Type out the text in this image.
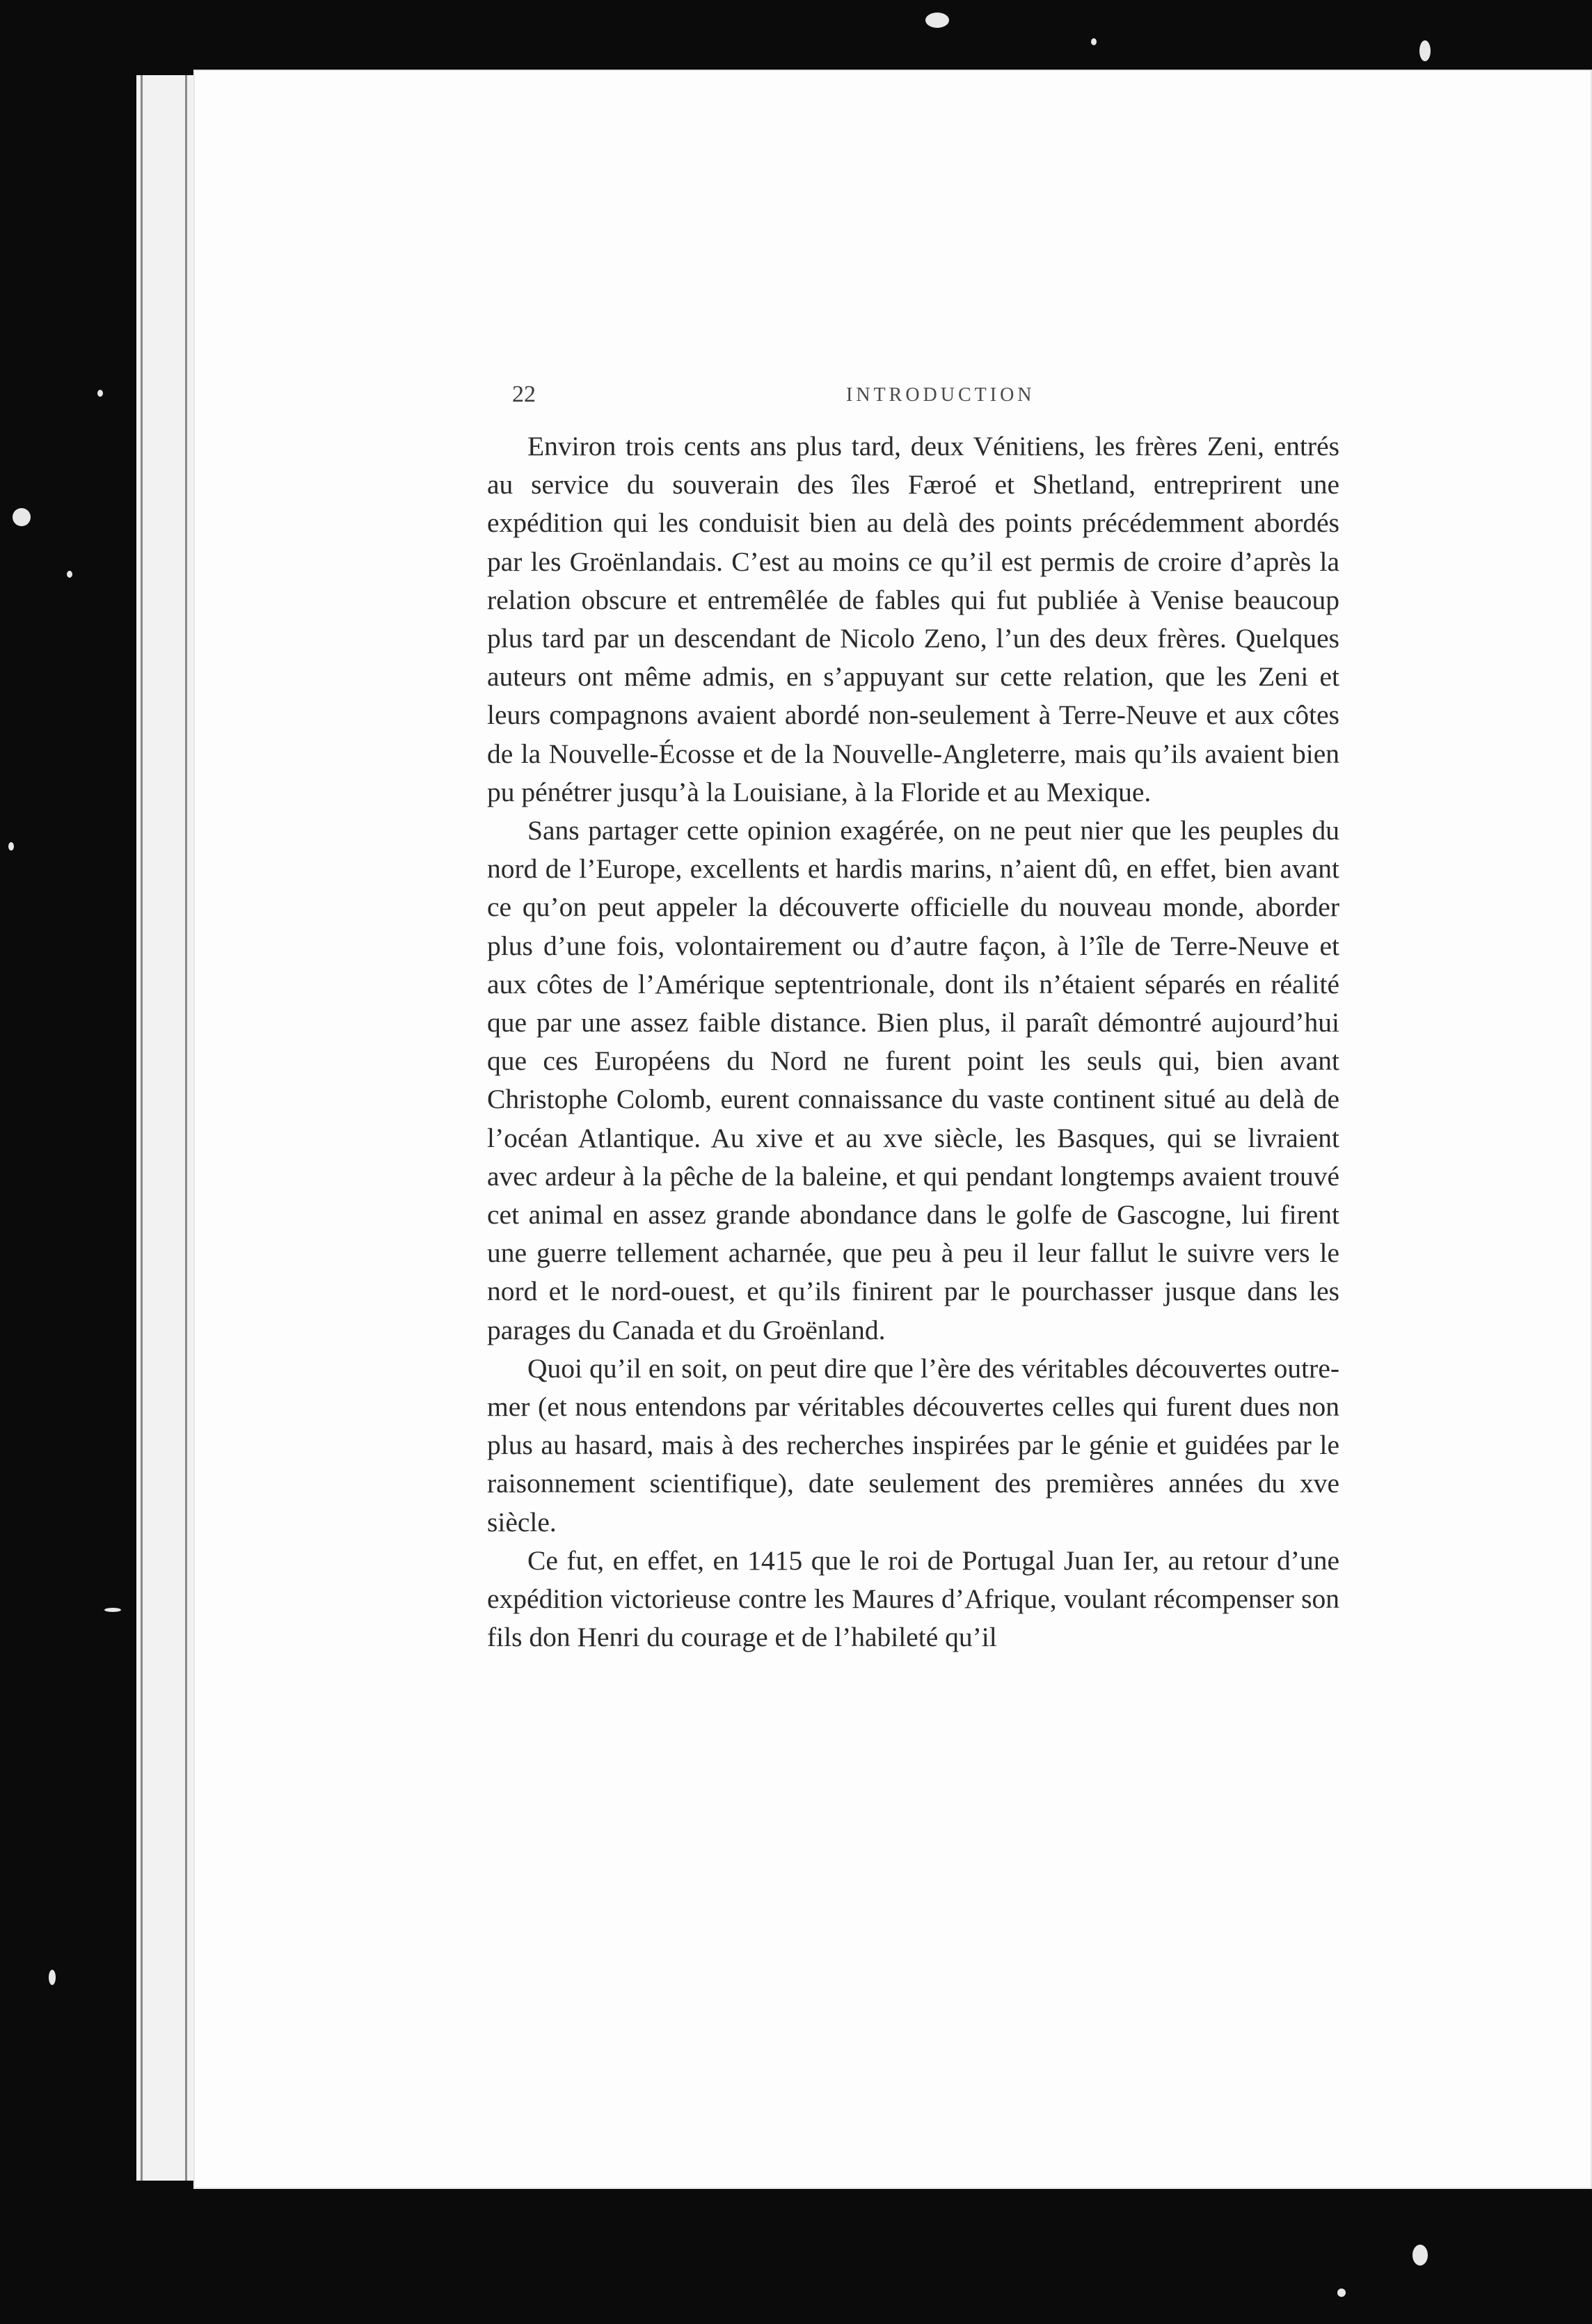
22	INTRODUCTION

Environ trois cents ans plus tard, deux Vénitiens, les frères Zeni, entrés au service du souverain des îles Færoé et Shetland, entreprirent une expédition qui les conduisit bien au delà des points précédemment abordés par les Groënlandais. C’est au moins ce qu’il est permis de croire d’après la relation obscure et entremêlée de fables qui fut publiée à Venise beaucoup plus tard par un descendant de Nicolo Zeno, l’un des deux frères. Quelques auteurs ont même admis, en s’appuyant sur cette relation, que les Zeni et leurs compagnons avaient abordé non-seulement à Terre-Neuve et aux côtes de la Nouvelle-Écosse et de la Nouvelle-Angleterre, mais qu’ils avaient bien pu pénétrer jusqu’à la Louisiane, à la Floride et au Mexique.

Sans partager cette opinion exagérée, on ne peut nier que les peuples du nord de l’Europe, excellents et hardis marins, n’aient dû, en effet, bien avant ce qu’on peut appeler la découverte officielle du nouveau monde, aborder plus d’une fois, volontairement ou d’autre façon, à l’île de Terre-Neuve et aux côtes de l’Amérique septentrionale, dont ils n’étaient séparés en réalité que par une assez faible distance. Bien plus, il paraît démontré aujourd’hui que ces Européens du Nord ne furent point les seuls qui, bien avant Christophe Colomb, eurent connaissance du vaste continent situé au delà de l’océan Atlantique. Au xive et au xve siècle, les Basques, qui se livraient avec ardeur à la pêche de la baleine, et qui pendant longtemps avaient trouvé cet animal en assez grande abondance dans le golfe de Gascogne, lui firent une guerre tellement acharnée, que peu à peu il leur fallut le suivre vers le nord et le nord-ouest, et qu’ils finirent par le pourchasser jusque dans les parages du Canada et du Groënland.

Quoi qu’il en soit, on peut dire que l’ère des véritables découvertes outre-mer (et nous entendons par véritables découvertes celles qui furent dues non plus au hasard, mais à des recherches inspirées par le génie et guidées par le raisonnement scientifique), date seulement des premières années du xve siècle.

Ce fut, en effet, en 1415 que le roi de Portugal Juan Ier, au retour d’une expédition victorieuse contre les Maures d’Afrique, voulant récompenser son fils don Henri du courage et de l’habileté qu’il
